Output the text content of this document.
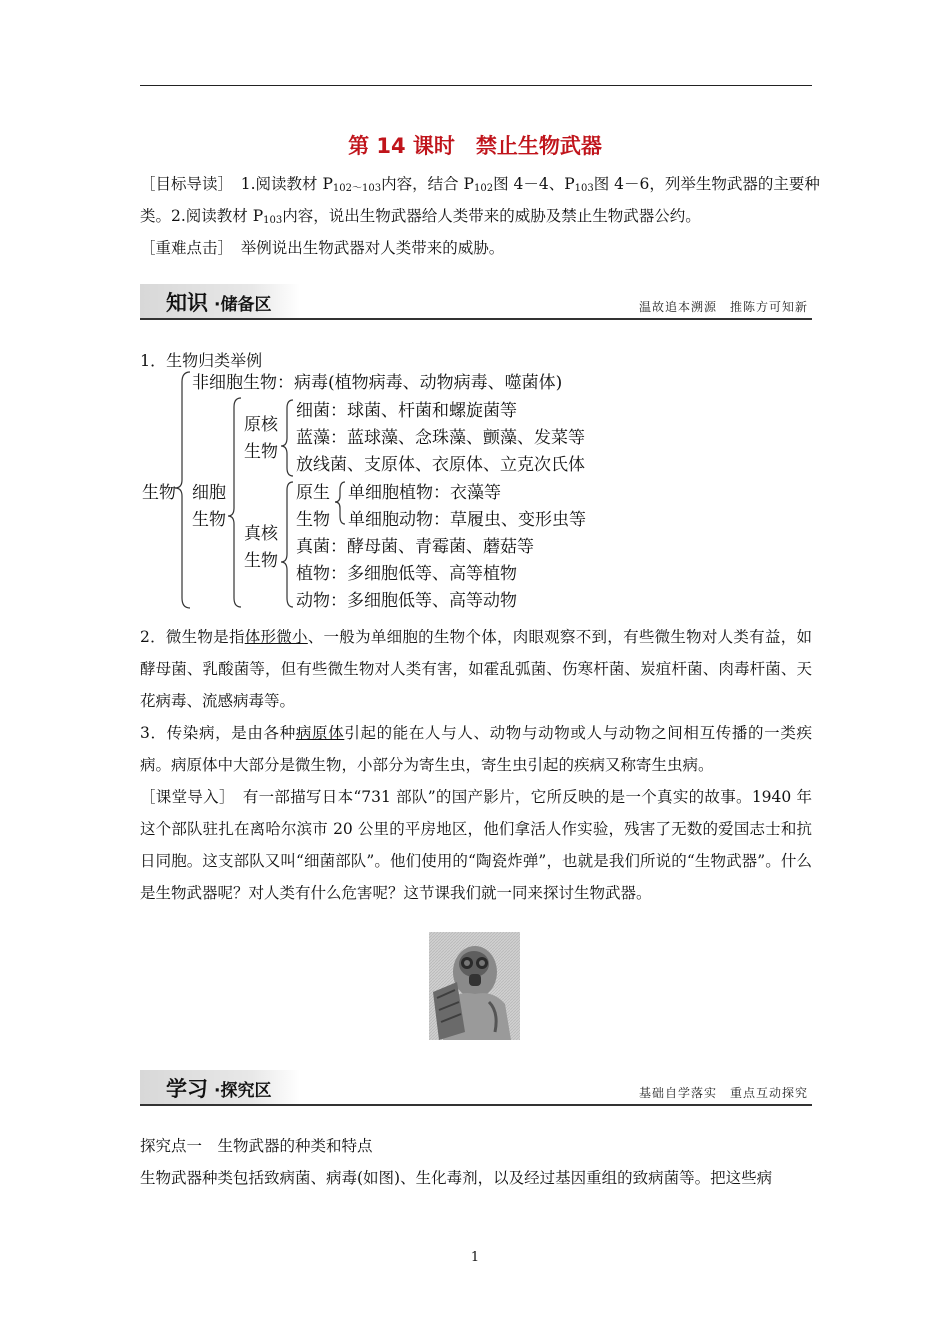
第 14 课时　禁止生物武器
［目标导读］　1.阅读教材 $P_{102\sim 103}$内容，结合 $P_{102}$图 4－4、$P_{103}$图 4－6，列举生物武器的主要种
类。2.阅读教材 $P_{103}$内容，说出生物武器给人类带来的威胁及禁止生物武器公约。
［重难点击］　举例说出生物武器对人类带来的威胁。
知识 ·储备区	温故追本溯源　推陈方可知新
1．生物归类举例
生物
非细胞生物：病毒(植物病毒、动物病毒、噬菌体)
细胞
生物
原核
生物
细菌：球菌、杆菌和螺旋菌等
蓝藻：蓝球藻、念珠藻、颤藻、发菜等
放线菌、支原体、衣原体、立克次氏体
真核
生物
原生
生物
单细胞植物：衣藻等
单细胞动物：草履虫、变形虫等
真菌：酵母菌、青霉菌、蘑菇等
植物：多细胞低等、高等植物
动物：多细胞低等、高等动物
2．微生物是指体形微小、一般为单细胞的生物个体，肉眼观察不到，有些微生物对人类有益，如酵母菌、乳酸菌等，但有些微生物对人类有害，如霍乱弧菌、伤寒杆菌、炭疽杆菌、肉毒杆菌、天花病毒、流感病毒等。
3．传染病，是由各种病原体引起的能在人与人、动物与动物或人与动物之间相互传播的一类疾病。病原体中大部分是微生物，小部分为寄生虫，寄生虫引起的疾病又称寄生虫病。
［课堂导入］　有一部描写日本“731 部队”的国产影片，它所反映的是一个真实的故事。1940 年这个部队驻扎在离哈尔滨市 20 公里的平房地区，他们拿活人作实验，残害了无数的爱国志士和抗日同胞。这支部队又叫“细菌部队”。他们使用的“陶瓷炸弹”，也就是我们所说的“生物武器”。什么是生物武器呢？对人类有什么危害呢？这节课我们就一同来探讨生物武器。
学习 ·探究区	基础自学落实　重点互动探究
探究点一　生物武器的种类和特点
生物武器种类包括致病菌、病毒(如图)、生化毒剂，以及经过基因重组的致病菌等。把这些病
1
